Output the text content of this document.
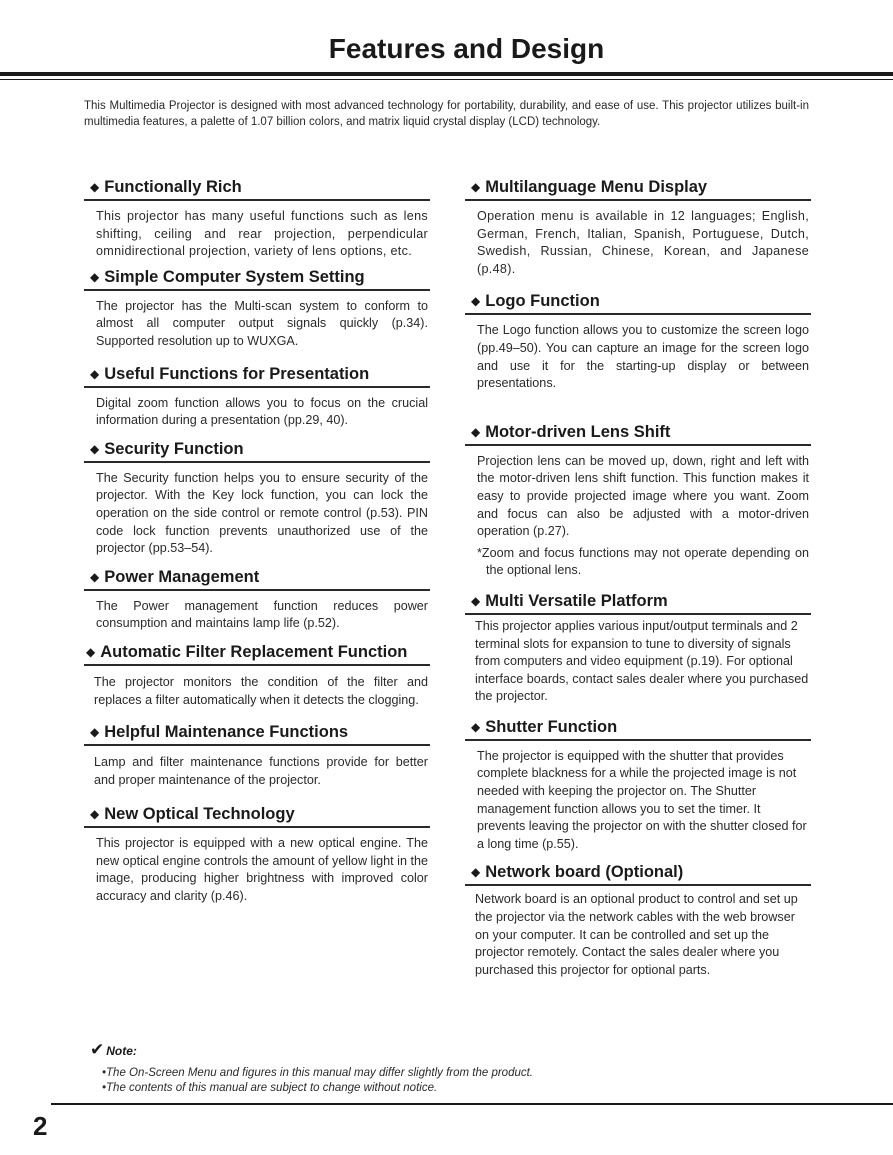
Features and Design

This Multimedia Projector is designed with most advanced technology for portability, durability, and ease of use. This projector utilizes built-in multimedia features, a palette of 1.07 billion colors, and matrix liquid crystal display (LCD) technology.

◆ Functionally Rich

This projector has many useful functions such as lens shifting, ceiling and rear projection, perpendicular omnidirectional projection, variety of lens options, etc.

◆ Simple Computer System Setting

The projector has the Multi-scan system to conform to almost all computer output signals quickly (p.34). Supported resolution up to WUXGA.

◆ Useful Functions for Presentation

Digital zoom function allows you to focus on the crucial information during a presentation (pp.29, 40).

◆ Security Function

The Security function helps you to ensure security of the projector. With the Key lock function, you can lock the operation on the side control or remote control (p.53). PIN code lock function prevents unauthorized use of the projector (pp.53–54).

◆ Power Management

The Power management function reduces power consumption and maintains lamp life (p.52).

◆ Automatic Filter Replacement Function

The projector monitors the condition of the filter and replaces a filter automatically when it detects the clogging.

◆ Helpful Maintenance Functions

Lamp and filter maintenance functions provide for better and proper maintenance of the projector.

◆ New Optical Technology

This projector is equipped with a new optical engine. The new optical engine controls the amount of yellow light in the image, producing higher brightness with improved color accuracy and clarity (p.46).

◆ Multilanguage Menu Display

Operation menu is available in 12 languages; English, German, French, Italian, Spanish, Portuguese, Dutch, Swedish, Russian, Chinese, Korean, and Japanese (p.48).

◆ Logo Function

The Logo function allows you to customize the screen logo (pp.49–50). You can capture an image for the screen logo and use it for the starting-up display or between presentations.

◆ Motor-driven Lens Shift

Projection lens can be moved up, down, right and left with the motor-driven lens shift function. This function makes it easy to provide projected image where you want. Zoom and focus can also be adjusted with a motor-driven operation (p.27).

*Zoom and focus functions may not operate depending on the optional lens.

◆ Multi Versatile Platform

This projector applies various input/output terminals and 2 terminal slots for expansion to tune to diversity of signals from computers and video equipment (p.19). For optional interface boards, contact sales dealer where you purchased the projector.

◆ Shutter Function

The projector is equipped with the shutter that provides complete blackness for a while the projected image is not needed with keeping the projector on. The Shutter management function allows you to set the timer. It prevents leaving the projector on with the shutter closed for a long time (p.55).

◆ Network board (Optional)

Network board is an optional product to control and set up the projector via the network cables with the web browser on your computer. It can be controlled and set up the projector remotely. Contact the sales dealer where you purchased this projector for optional parts.

✔ Note:

•The On-Screen Menu and figures in this manual may differ slightly from the product.

•The contents of this manual are subject to change without notice.

2
